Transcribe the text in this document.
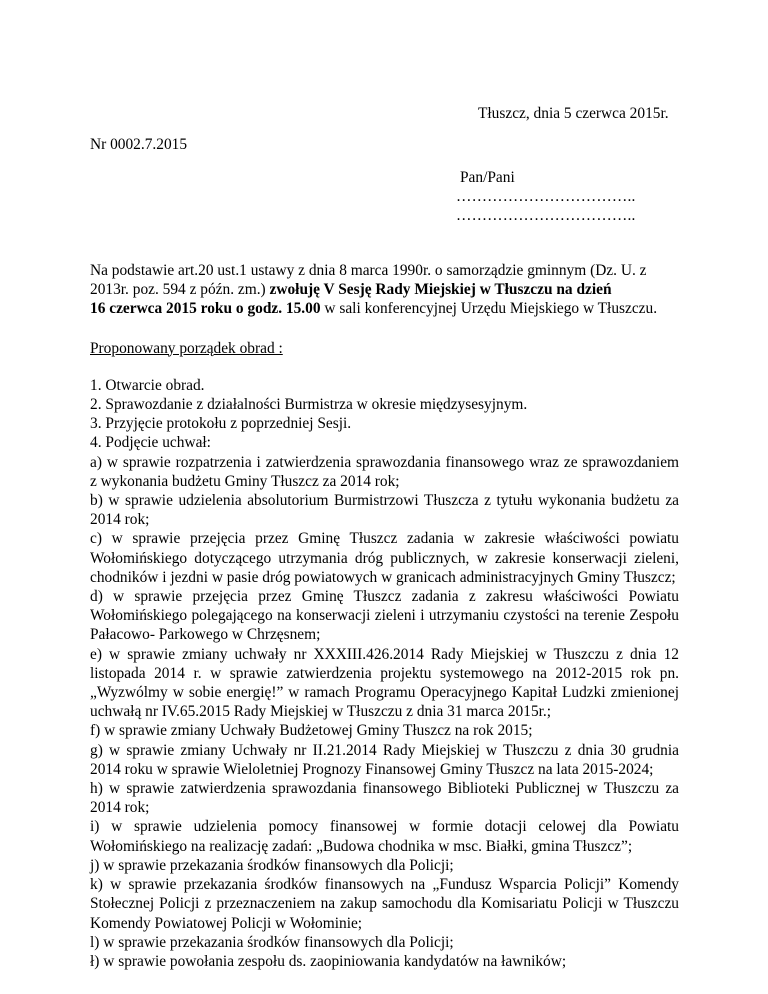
Tłuszcz, dnia 5 czerwca 2015r.
Nr 0002.7.2015
Pan/Pani
……………………………..
……………………………..

Na podstawie art.20 ust.1 ustawy z dnia 8 marca 1990r. o samorządzie gminnym (Dz. U. z

2013r. poz. 594 z późn. zm.) zwołuję V Sesję Rady Miejskiej w Tłuszczu na dzień

16 czerwca 2015 roku o godz. 15.00 w sali konferencyjnej Urzędu Miejskiego w Tłuszczu.

Proponowany porządek obrad :

1. Otwarcie obrad.

2. Sprawozdanie z działalności Burmistrza w okresie międzysesyjnym.

3. Przyjęcie protokołu z poprzedniej Sesji.

4. Podjęcie uchwał:

a) w sprawie rozpatrzenia i zatwierdzenia sprawozdania finansowego wraz ze sprawozdaniem z wykonania budżetu Gminy Tłuszcz za 2014 rok;

b) w sprawie udzielenia absolutorium Burmistrzowi Tłuszcza z tytułu wykonania budżetu za 2014 rok;

c) w sprawie przejęcia przez Gminę Tłuszcz zadania w zakresie właściwości powiatu Wołomińskiego dotyczącego utrzymania dróg publicznych, w zakresie konserwacji zieleni, chodników i jezdni w pasie dróg powiatowych w granicach administracyjnych Gminy Tłuszcz;

d) w sprawie przejęcia przez Gminę Tłuszcz zadania z zakresu właściwości Powiatu Wołomińskiego polegającego na konserwacji zieleni i utrzymaniu czystości na terenie Zespołu Pałacowo- Parkowego w Chrzęsnem;

e) w sprawie zmiany uchwały nr XXXIII.426.2014 Rady Miejskiej w Tłuszczu z dnia 12 listopada 2014 r. w sprawie zatwierdzenia projektu systemowego na 2012-2015 rok pn. „Wyzwólmy w sobie energię!” w ramach Programu Operacyjnego Kapitał Ludzki zmienionej uchwałą nr IV.65.2015 Rady Miejskiej w Tłuszczu z dnia 31 marca 2015r.;

f) w sprawie zmiany Uchwały Budżetowej Gminy Tłuszcz na rok 2015;

g) w sprawie zmiany Uchwały nr II.21.2014 Rady Miejskiej w Tłuszczu z dnia 30 grudnia 2014 roku w sprawie Wieloletniej Prognozy Finansowej Gminy Tłuszcz na lata 2015-2024;

h) w sprawie zatwierdzenia sprawozdania finansowego Biblioteki Publicznej w Tłuszczu za 2014 rok;

i) w sprawie udzielenia pomocy finansowej w formie dotacji celowej dla Powiatu Wołomińskiego na realizację zadań: „Budowa chodnika w msc. Białki, gmina Tłuszcz”;

j) w sprawie przekazania środków finansowych dla Policji;

k) w sprawie przekazania środków finansowych na „Fundusz Wsparcia Policji” Komendy Stołecznej Policji z przeznaczeniem na zakup samochodu dla Komisariatu Policji w Tłuszczu Komendy Powiatowej Policji w Wołominie;

l) w sprawie przekazania środków finansowych dla Policji;

ł) w sprawie powołania zespołu ds. zaopiniowania kandydatów na ławników;
